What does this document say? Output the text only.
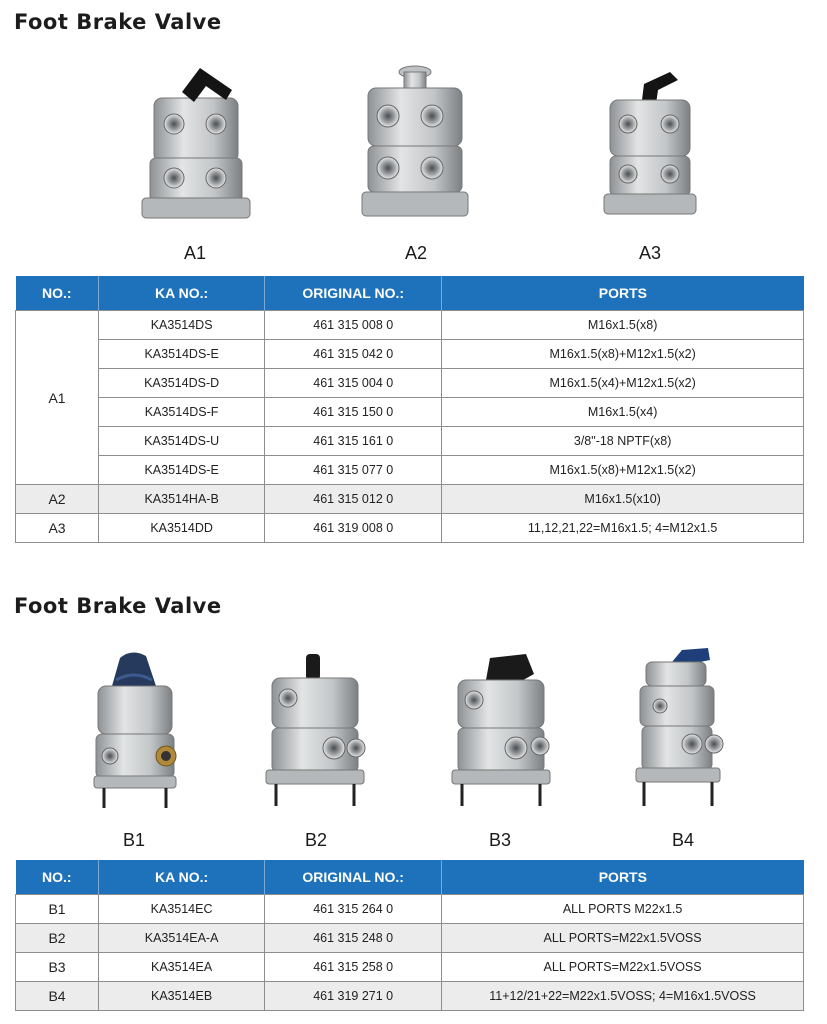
Foot Brake Valve
A1	A2	A3
NO.:	KA NO.:	ORIGINAL NO.:	PORTS
A1	KA3514DS	461 315 008 0	M16x1.5(x8)
	KA3514DS-E	461 315 042 0	M16x1.5(x8)+M12x1.5(x2)
	KA3514DS-D	461 315 004 0	M16x1.5(x4)+M12x1.5(x2)
	KA3514DS-F	461 315 150 0	M16x1.5(x4)
	KA3514DS-U	461 315 161 0	3/8"-18 NPTF(x8)
	KA3514DS-E	461 315 077 0	M16x1.5(x8)+M12x1.5(x2)
A2	KA3514HA-B	461 315 012 0	M16x1.5(x10)
A3	KA3514DD	461 319 008 0	11,12,21,22=M16x1.5; 4=M12x1.5
Foot Brake Valve
B1	B2	B3	B4
NO.:	KA NO.:	ORIGINAL NO.:	PORTS
B1	KA3514EC	461 315 264 0	ALL PORTS M22x1.5
B2	KA3514EA-A	461 315 248 0	ALL PORTS=M22x1.5VOSS
B3	KA3514EA	461 315 258 0	ALL PORTS=M22x1.5VOSS
B4	KA3514EB	461 319 271 0	11+12/21+22=M22x1.5VOSS; 4=M16x1.5VOSS
